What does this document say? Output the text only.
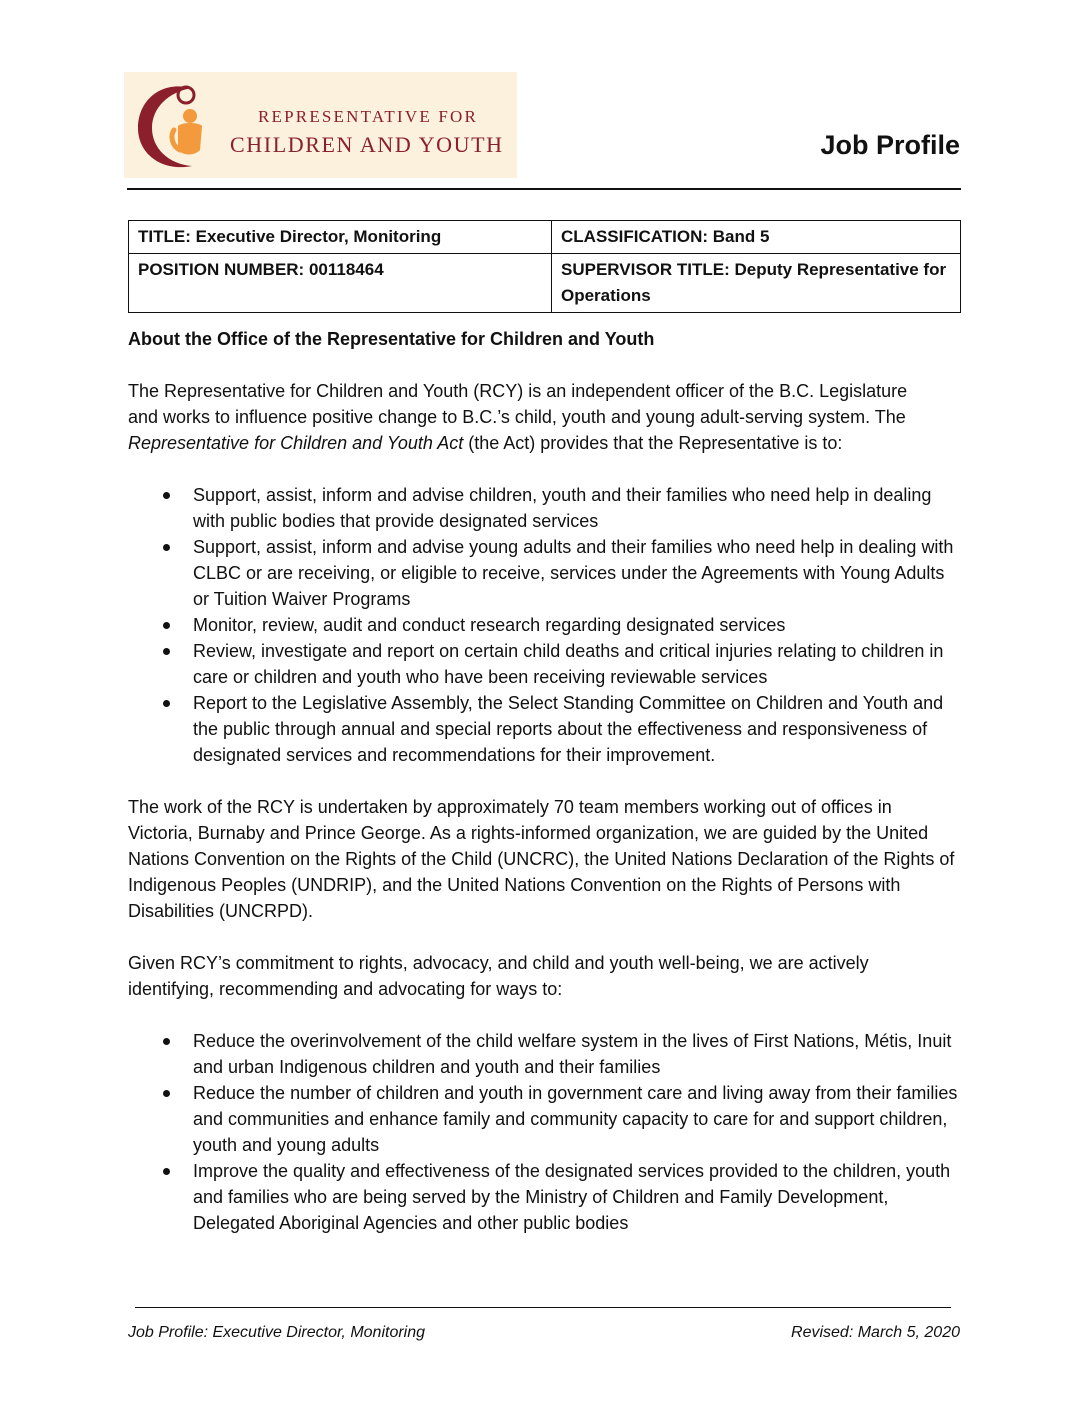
REPRESENTATIVE FOR
CHILDREN AND YOUTH	Job Profile
TITLE: Executive Director, Monitoring	CLASSIFICATION: Band 5
POSITION NUMBER: 00118464	SUPERVISOR TITLE: Deputy Representative for Operations
About the Office of the Representative for Children and Youth

The Representative for Children and Youth (RCY) is an independent officer of the B.C. Legislature and works to influence positive change to B.C.’s child, youth and young adult-serving system. The Representative for Children and Youth Act (the Act) provides that the Representative is to:

Support, assist, inform and advise children, youth and their families who need help in dealing with public bodies that provide designated services
Support, assist, inform and advise young adults and their families who need help in dealing with CLBC or are receiving, or eligible to receive, services under the Agreements with Young Adults or Tuition Waiver Programs
Monitor, review, audit and conduct research regarding designated services
Review, investigate and report on certain child deaths and critical injuries relating to children in care or children and youth who have been receiving reviewable services
Report to the Legislative Assembly, the Select Standing Committee on Children and Youth and the public through annual and special reports about the effectiveness and responsiveness of designated services and recommendations for their improvement.

The work of the RCY is undertaken by approximately 70 team members working out of offices in Victoria, Burnaby and Prince George. As a rights-informed organization, we are guided by the United Nations Convention on the Rights of the Child (UNCRC), the United Nations Declaration of the Rights of Indigenous Peoples (UNDRIP), and the United Nations Convention on the Rights of Persons with Disabilities (UNCRPD).

Given RCY’s commitment to rights, advocacy, and child and youth well-being, we are actively identifying, recommending and advocating for ways to:

Reduce the overinvolvement of the child welfare system in the lives of First Nations, Métis, Inuit and urban Indigenous children and youth and their families
Reduce the number of children and youth in government care and living away from their families and communities and enhance family and community capacity to care for and support children, youth and young adults
Improve the quality and effectiveness of the designated services provided to the children, youth and families who are being served by the Ministry of Children and Family Development, Delegated Aboriginal Agencies and other public bodies
Job Profile: Executive Director, Monitoring	Revised: March 5, 2020
